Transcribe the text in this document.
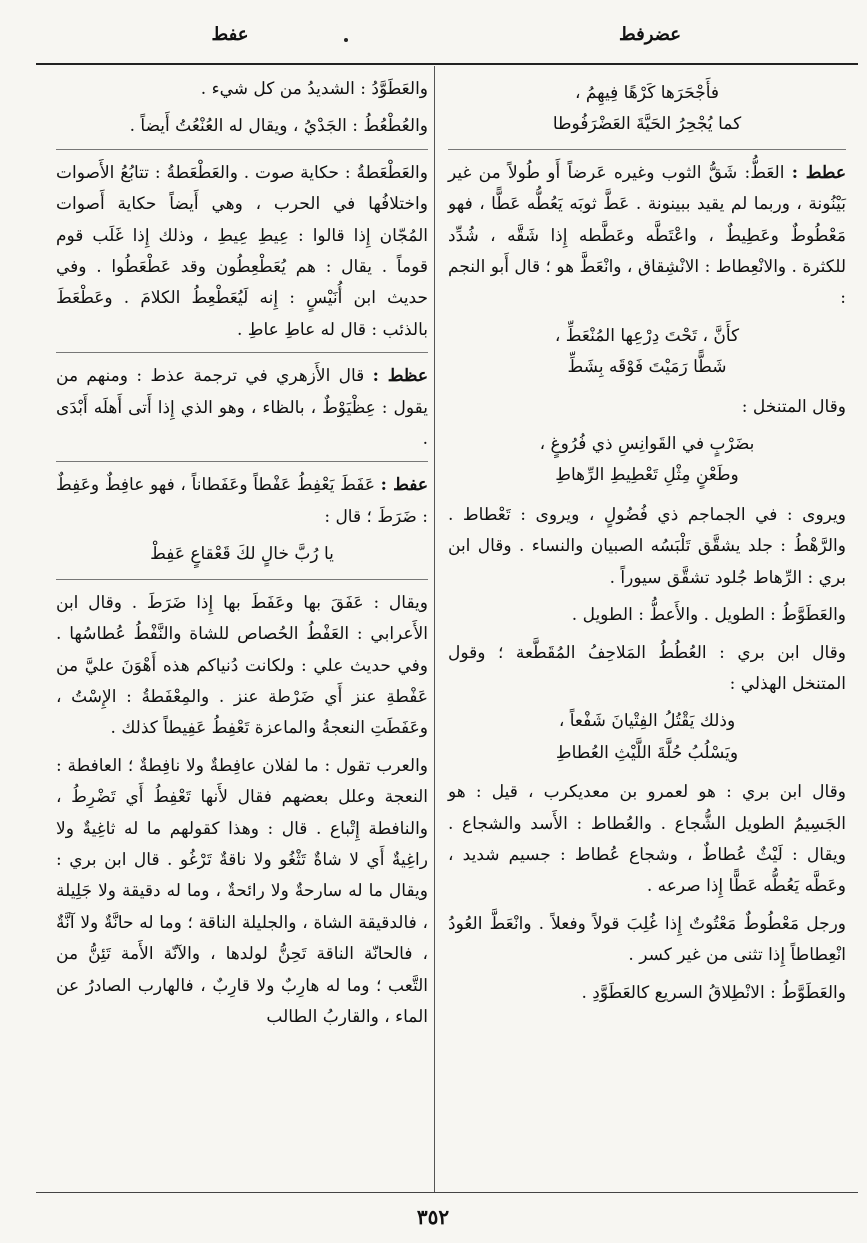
عضرفط
عفط
فأَجْحَرَها كَرْهًا فِيهِمُ ،
كما يُجْحِرُ الحَيَّةَ العَضْرَفُوطا

عطط : العَطُّ: شَقُّ الثوب وغيره عَرضاً أَو طُولاً من غير بَيْنُونة ، وربما لم يقيد ببينونة . عَطَّ ثوبَه يَعُطُّه عَطًّا ، فهو مَعْطُوطٌ وعَطِيطٌ ، واعْتَطَّه وعَطَّطه إِذا شَقَّه ، شُدِّد للكثرة . والانْعِطاط : الانْشِقاق ، وانْعَطَّ هو ؛ قال أَبو النجم :

كأَنَّ ، تَحْتَ دِرْعِها المُنْعَطِّ ،
شَطًّا رَمَيْتَ فَوْقَه بِشَطِّ

وقال المتنخل :

بضَرْبٍ في القَوانِسِ ذي فُرُوغٍ ،
وطَعْنٍ مِثْلِ تَعْطِيطِ الرِّهاطِ

ويروى : في الجماجم ذي فُضُولٍ ، ويروى : تَعْطاط . والرَّهْطُ : جلد يشقَّق تَلْبَسُه الصبيان والنساء . وقال ابن بري : الرِّهاط جُلود تشقَّق سيوراً .

والعَطَوَّطُ : الطويل . والأَعطُّ : الطويل .

وقال ابن بري : العُطُطُ المَلاحِفُ المُقَطَّعة ؛ وقول المتنخل الهذلي :

وذلك يَقْتُلُ الفِتْيانَ شَفْعاً ،
ويَسْلُبُ حُلَّةَ اللَّيْثِ العُطاطِ

وقال ابن بري : هو لعمرو بن معديكرب ، قيل : هو الجَسِيمُ الطويل الشُّجاع . والعُطاط : الأَسد والشجاع . ويقال : لَيْثٌ عُطاطٌ ، وشجاع عُطاط : جسيم شديد ، وعَطَّه يَعُطُّه عَطًّا إِذا صرعه .

ورجل مَعْطُوطٌ مَعْتُوتٌ إِذا غُلِبَ قولاً وفعلاً . وانْعَطَّ العُودُ انْعِطاطاً إِذا تثنى من غير كسر .

والعَطَوَّطُ : الانْطِلاقُ السريع كالعَطَوَّدِ .

والعَطَوَّدُ : الشديدُ من كل شيء .

والعُطْعُطُ : الجَدْيُ ، ويقال له العُنْعُتُ أَيضاً .

والعَطْعَطةُ : حكاية صوت . والعَطْعَطةُ : تتابُعُ الأَصوات واختلافُها في الحرب ، وهي أَيضاً حكاية أَصوات المُجّان إِذا قالوا : عِيطِ عِيطِ ، وذلك إِذا غَلَب قوم قوماً . يقال : هم يُعَطْعِطُون وقد عَطْعَطُوا . وفي حديث ابن أُنَيْسٍ : إِنه لَيُعَطْعِطُ الكلامَ . وعَطْعَطَ بالذئب : قال له عاطِ عاطِ .

عظط : قال الأَزهري في ترجمة عذط : ومنهم من يقول : عِظْيَوْطٌ ، بالظاء ، وهو الذي إِذا أَتى أَهلَه أَبْدَى .

عفط : عَفَطَ يَعْفِطُ عَفْطاً وعَفَطاناً ، فهو عافِطٌ وعَفِطٌ : ضَرَطَ ؛ قال :

يا رُبَّ خالٍ لكَ قَعْقاعٍ عَفِطْ

ويقال : عَفَقَ بها وعَفَطَ بها إِذا ضَرَطَ . وقال ابن الأَعرابي : العَفْطُ الحُصاص للشاة والنَّفْطُ عُطاسُها . وفي حديث علي : ولكانت دُنياكم هذه أَهْوَنَ عليَّ من عَفْطةِ عنز أَي ضَرْطة عنز . والمِعْفَطةُ : الإِسْتُ ، وعَفَطَتِ النعجةُ والماعزة تَعْفِطُ عَفِيطاً كذلك .

والعرب تقول : ما لفلان عافِطةٌ ولا نافِطةٌ ؛ العافطة : النعجة وعلل بعضهم فقال لأَنها تَعْفِطُ أَي تَضْرِطُ ، والنافطة إِتْباع . قال : وهذا كقولهم ما له ثاغِيةٌ ولا راغِيةٌ أَي لا شاةٌ تَثْغُو ولا ناقةٌ تَرْغُو . قال ابن بري : ويقال ما له سارحةٌ ولا رائحةٌ ، وما له دقيقة ولا جَلِيلة ، فالدقيقة الشاة ، والجليلة الناقة ؛ وما له حانَّةٌ ولا آنَّةٌ ، فالحانّة الناقة تَحِنُّ لولدها ، والآنّة الأَمة تَئِنُّ من التَّعب ؛ وما له هارِبٌ ولا قارِبٌ ، فالهارب الصادرُ عن الماء ، والقاربُ الطالب

٣٥٢
